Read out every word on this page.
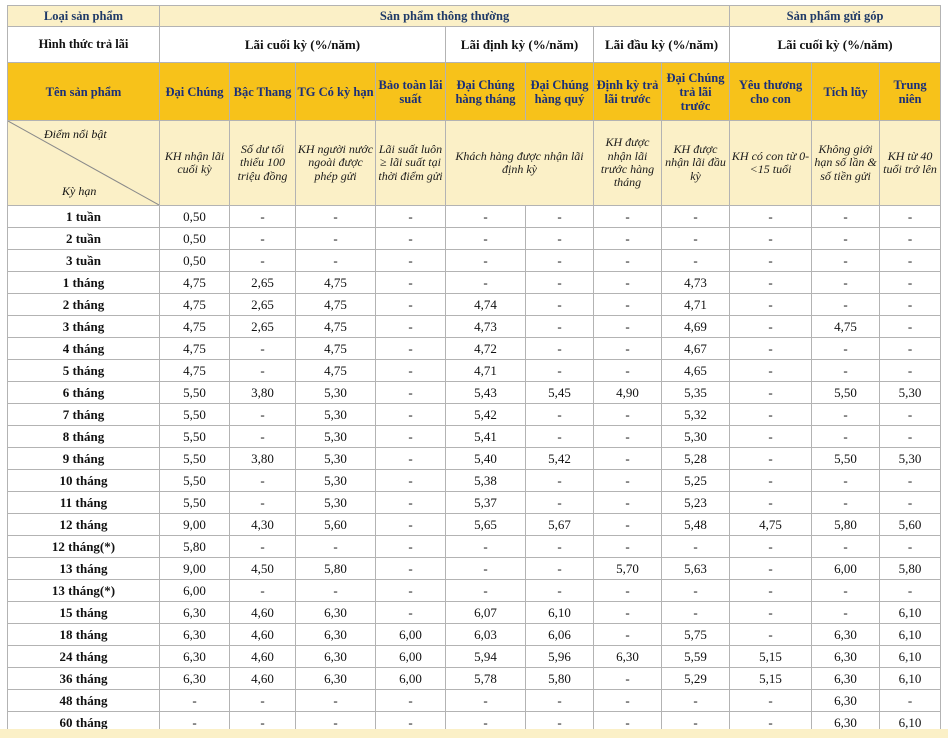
Loại sản phẩm	Sản phẩm thông thường								Sản phẩm gửi góp		
Hình thức trả lãi	Lãi cuối kỳ (%/năm)				Lãi định kỳ (%/năm)		Lãi đầu kỳ (%/năm)		Lãi cuối kỳ (%/năm)		
Tên sản phẩm	Đại Chúng	Bậc Thang	TG Có kỳ hạn	Bảo toàn lãi suất	Đại Chúng hàng tháng	Đại Chúng hàng quý	Định kỳ trả lãi trước	Đại Chúng trả lãi trước	Yêu thương cho con	Tích lũy	Trung niên

Điểm nổi bật
Kỳ hạn	KH nhận lãi cuối kỳ	Số dư tối thiểu 100 triệu đồng	KH người nước ngoài được phép gửi	Lãi suất luôn ≥ lãi suất tại thời điểm gửi	Khách hàng được nhận lãi định kỳ		KH được nhận lãi trước hàng tháng	KH được nhận lãi đầu kỳ	KH có con từ 0-<15 tuổi	Không giới hạn số lần & số tiền gửi	KH từ 40 tuổi trở lên
1 tuần	0,50	-	-	-	-	-	-	-	-	-	-
2 tuần	0,50	-	-	-	-	-	-	-	-	-	-
3 tuần	0,50	-	-	-	-	-	-	-	-	-	-
1 tháng	4,75	2,65	4,75	-	-	-	-	4,73	-	-	-
2 tháng	4,75	2,65	4,75	-	4,74	-	-	4,71	-	-	-
3 tháng	4,75	2,65	4,75	-	4,73	-	-	4,69	-	4,75	-
4 tháng	4,75	-	4,75	-	4,72	-	-	4,67	-	-	-
5 tháng	4,75	-	4,75	-	4,71	-	-	4,65	-	-	-
6 tháng	5,50	3,80	5,30	-	5,43	5,45	4,90	5,35	-	5,50	5,30
7 tháng	5,50	-	5,30	-	5,42	-	-	5,32	-	-	-
8 tháng	5,50	-	5,30	-	5,41	-	-	5,30	-	-	-
9 tháng	5,50	3,80	5,30	-	5,40	5,42	-	5,28	-	5,50	5,30
10 tháng	5,50	-	5,30	-	5,38	-	-	5,25	-	-	-
11 tháng	5,50	-	5,30	-	5,37	-	-	5,23	-	-	-
12 tháng	9,00	4,30	5,60	-	5,65	5,67	-	5,48	4,75	5,80	5,60
12 tháng(*)	5,80	-	-	-	-	-	-	-	-	-	-
13 tháng	9,00	4,50	5,80	-	-	-	5,70	5,63	-	6,00	5,80
13 tháng(*)	6,00	-	-	-	-	-	-	-	-	-	-
15 tháng	6,30	4,60	6,30	-	6,07	6,10	-	-	-	-	6,10
18 tháng	6,30	4,60	6,30	6,00	6,03	6,06	-	5,75	-	6,30	6,10
24 tháng	6,30	4,60	6,30	6,00	5,94	5,96	6,30	5,59	5,15	6,30	6,10
36 tháng	6,30	4,60	6,30	6,00	5,78	5,80	-	5,29	5,15	6,30	6,10
48 tháng	-	-	-	-	-	-	-	-	-	6,30	-
60 tháng	-	-	-	-	-	-	-	-	-	6,30	6,10
